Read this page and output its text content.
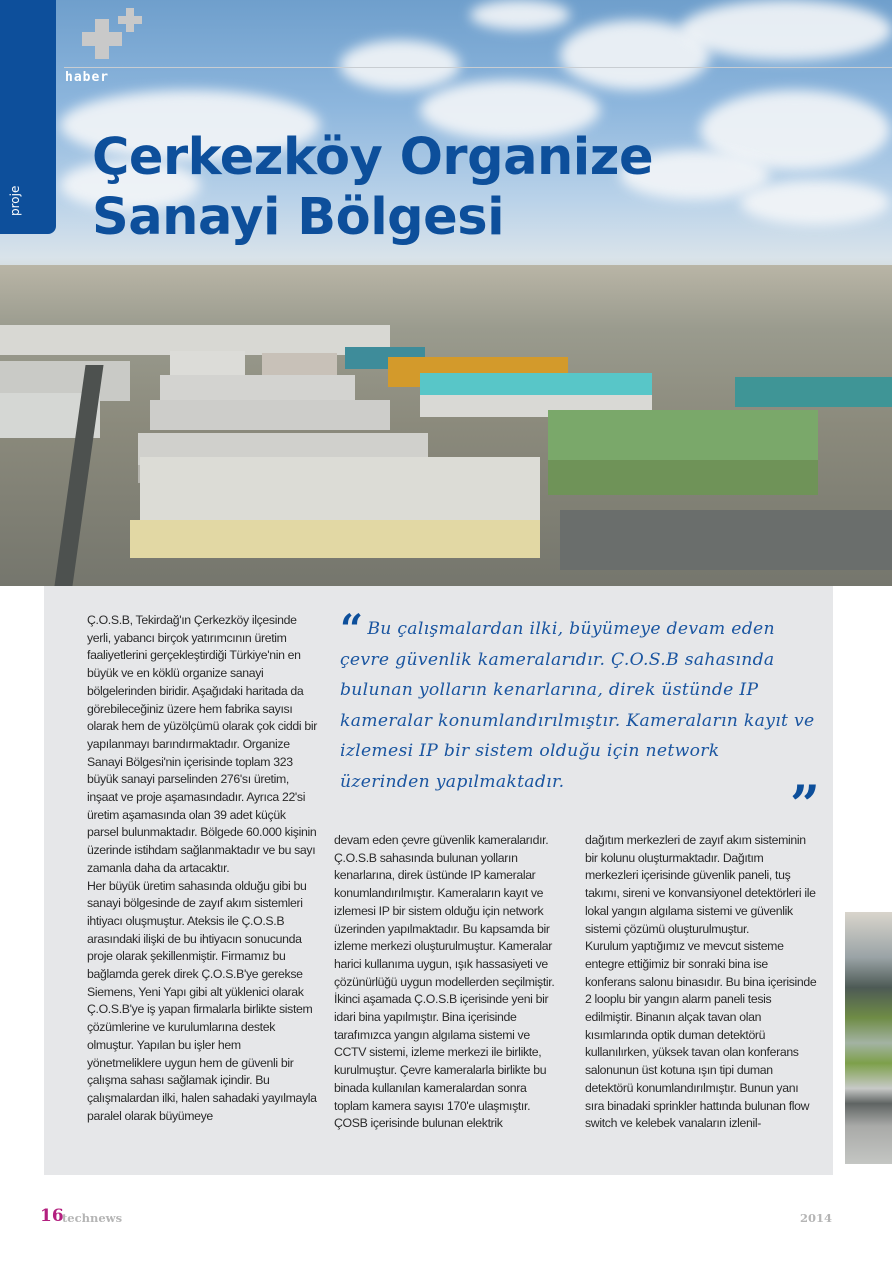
proje
haber
Çerkezköy Organize
Sanayi Bölgesi

Ç.O.S.B, Tekirdağ'ın Çerkezköy ilçesinde yerli, yabancı birçok yatırımcının üretim faaliyetlerini gerçekleştirdiği Türkiye'nin en büyük ve en köklü organize sanayi bölgelerinden biridir. Aşağıdaki haritada da görebileceğiniz üzere hem fabrika sayısı olarak hem de yüzölçümü olarak çok ciddi bir yapılanmayı barındırmaktadır. Organize Sanayi Bölgesi'nin içerisinde toplam 323 büyük sanayi parselinden 276'sı üretim, inşaat ve proje aşamasındadır. Ayrıca 22'si üretim aşamasında olan 39 adet küçük parsel bulunmaktadır. Bölgede 60.000 kişinin üzerinde istihdam sağlanmaktadır ve bu sayı zamanla daha da artacaktır.

Her büyük üretim sahasında olduğu gibi bu sanayi bölgesinde de zayıf akım sistemleri ihtiyacı oluşmuştur. Ateksis ile Ç.O.S.B arasındaki ilişki de bu ihtiyacın sonucunda proje olarak şekillenmiştir. Firmamız bu bağlamda gerek direk Ç.O.S.B'ye gerekse Siemens, Yeni Yapı gibi alt yüklenici olarak Ç.O.S.B'ye iş yapan firmalarla birlikte sistem çözümlerine ve kurulumlarına destek olmuştur. Yapılan bu işler hem yönetmeliklere uygun hem de güvenli bir çalışma sahası sağlamak içindir. Bu çalışmalardan ilki, halen sahadaki yayılmayla paralel olarak büyümeye

“ Bu çalışmalardan ilki, büyümeye devam eden çevre güvenlik kameralarıdır. Ç.O.S.B sahasında bulunan yolların kenarlarına, direk üstünde IP kameralar konumlandırılmıştır. Kameraların kayıt ve izlemesi IP bir sistem olduğu için network üzerinden yapılmaktadır.	”

devam eden çevre güvenlik kameralarıdır. Ç.O.S.B sahasında bulunan yolların kenarlarına, direk üstünde IP kameralar konumlandırılmıştır. Kameraların kayıt ve izlemesi IP bir sistem olduğu için network üzerinden yapılmaktadır. Bu kapsamda bir izleme merkezi oluşturulmuştur. Kameralar harici kullanıma uygun, ışık hassasiyeti ve çözünürlüğü uygun modellerden seçilmiştir.

İkinci aşamada Ç.O.S.B içerisinde yeni bir idari bina yapılmıştır. Bina içerisinde tarafımızca yangın algılama sistemi ve CCTV sistemi, izleme merkezi ile birlikte, kurulmuştur. Çevre kameralarla birlikte bu binada kullanılan kameralardan sonra toplam kamera sayısı 170'e ulaşmıştır. ÇOSB içerisinde bulunan elektrik

dağıtım merkezleri de zayıf akım sisteminin bir kolunu oluşturmaktadır. Dağıtım merkezleri içerisinde güvenlik paneli, tuş takımı, sireni ve konvansiyonel detektörleri ile lokal yangın algılama sistemi ve güvenlik sistemi çözümü oluşturulmuştur.

Kurulum yaptığımız ve mevcut sisteme entegre ettiğimiz bir sonraki bina ise konferans salonu binasıdır. Bu bina içerisinde 2 looplu bir yangın alarm paneli tesis edilmiştir. Binanın alçak tavan olan kısımlarında optik duman detektörü kullanılırken, yüksek tavan olan konferans salonunun üst kotuna ışın tipi duman detektörü konumlandırılmıştır. Bunun yanı sıra binadaki sprinkler hattında bulunan flow switch ve kelebek vanaların izlenil-

16
technews	2014
